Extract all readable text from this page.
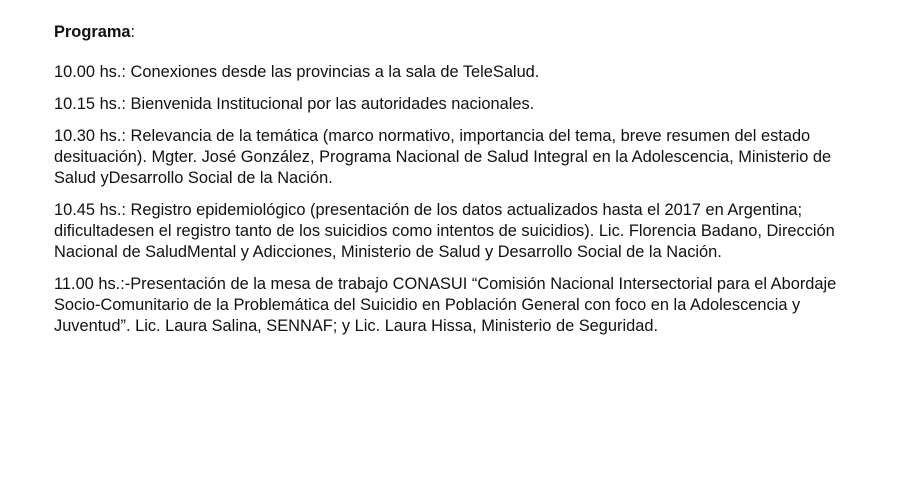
Programa:

10.00 hs.: Conexiones desde las provincias a la sala de TeleSalud.

10.15 hs.: Bienvenida Institucional por las autoridades nacionales.

10.30 hs.: Relevancia de la temática (marco normativo, importancia del tema, breve resumen del estado desituación). Mgter. José González, Programa Nacional de Salud Integral en la Adolescencia, Ministerio de Salud yDesarrollo Social de la Nación.

10.45 hs.: Registro epidemiológico (presentación de los datos actualizados hasta el 2017 en Argentina; dificultadesen el registro tanto de los suicidios como intentos de suicidios). Lic. Florencia Badano, Dirección Nacional de SaludMental y Adicciones, Ministerio de Salud y Desarrollo Social de la Nación.

11.00 hs.:-Presentación de la mesa de trabajo CONASUI “Comisión Nacional Intersectorial para el Abordaje Socio-Comunitario de la Problemática del Suicidio en Población General con foco en la Adolescencia y Juventud”. Lic. Laura Salina, SENNAF; y Lic. Laura Hissa, Ministerio de Seguridad.
